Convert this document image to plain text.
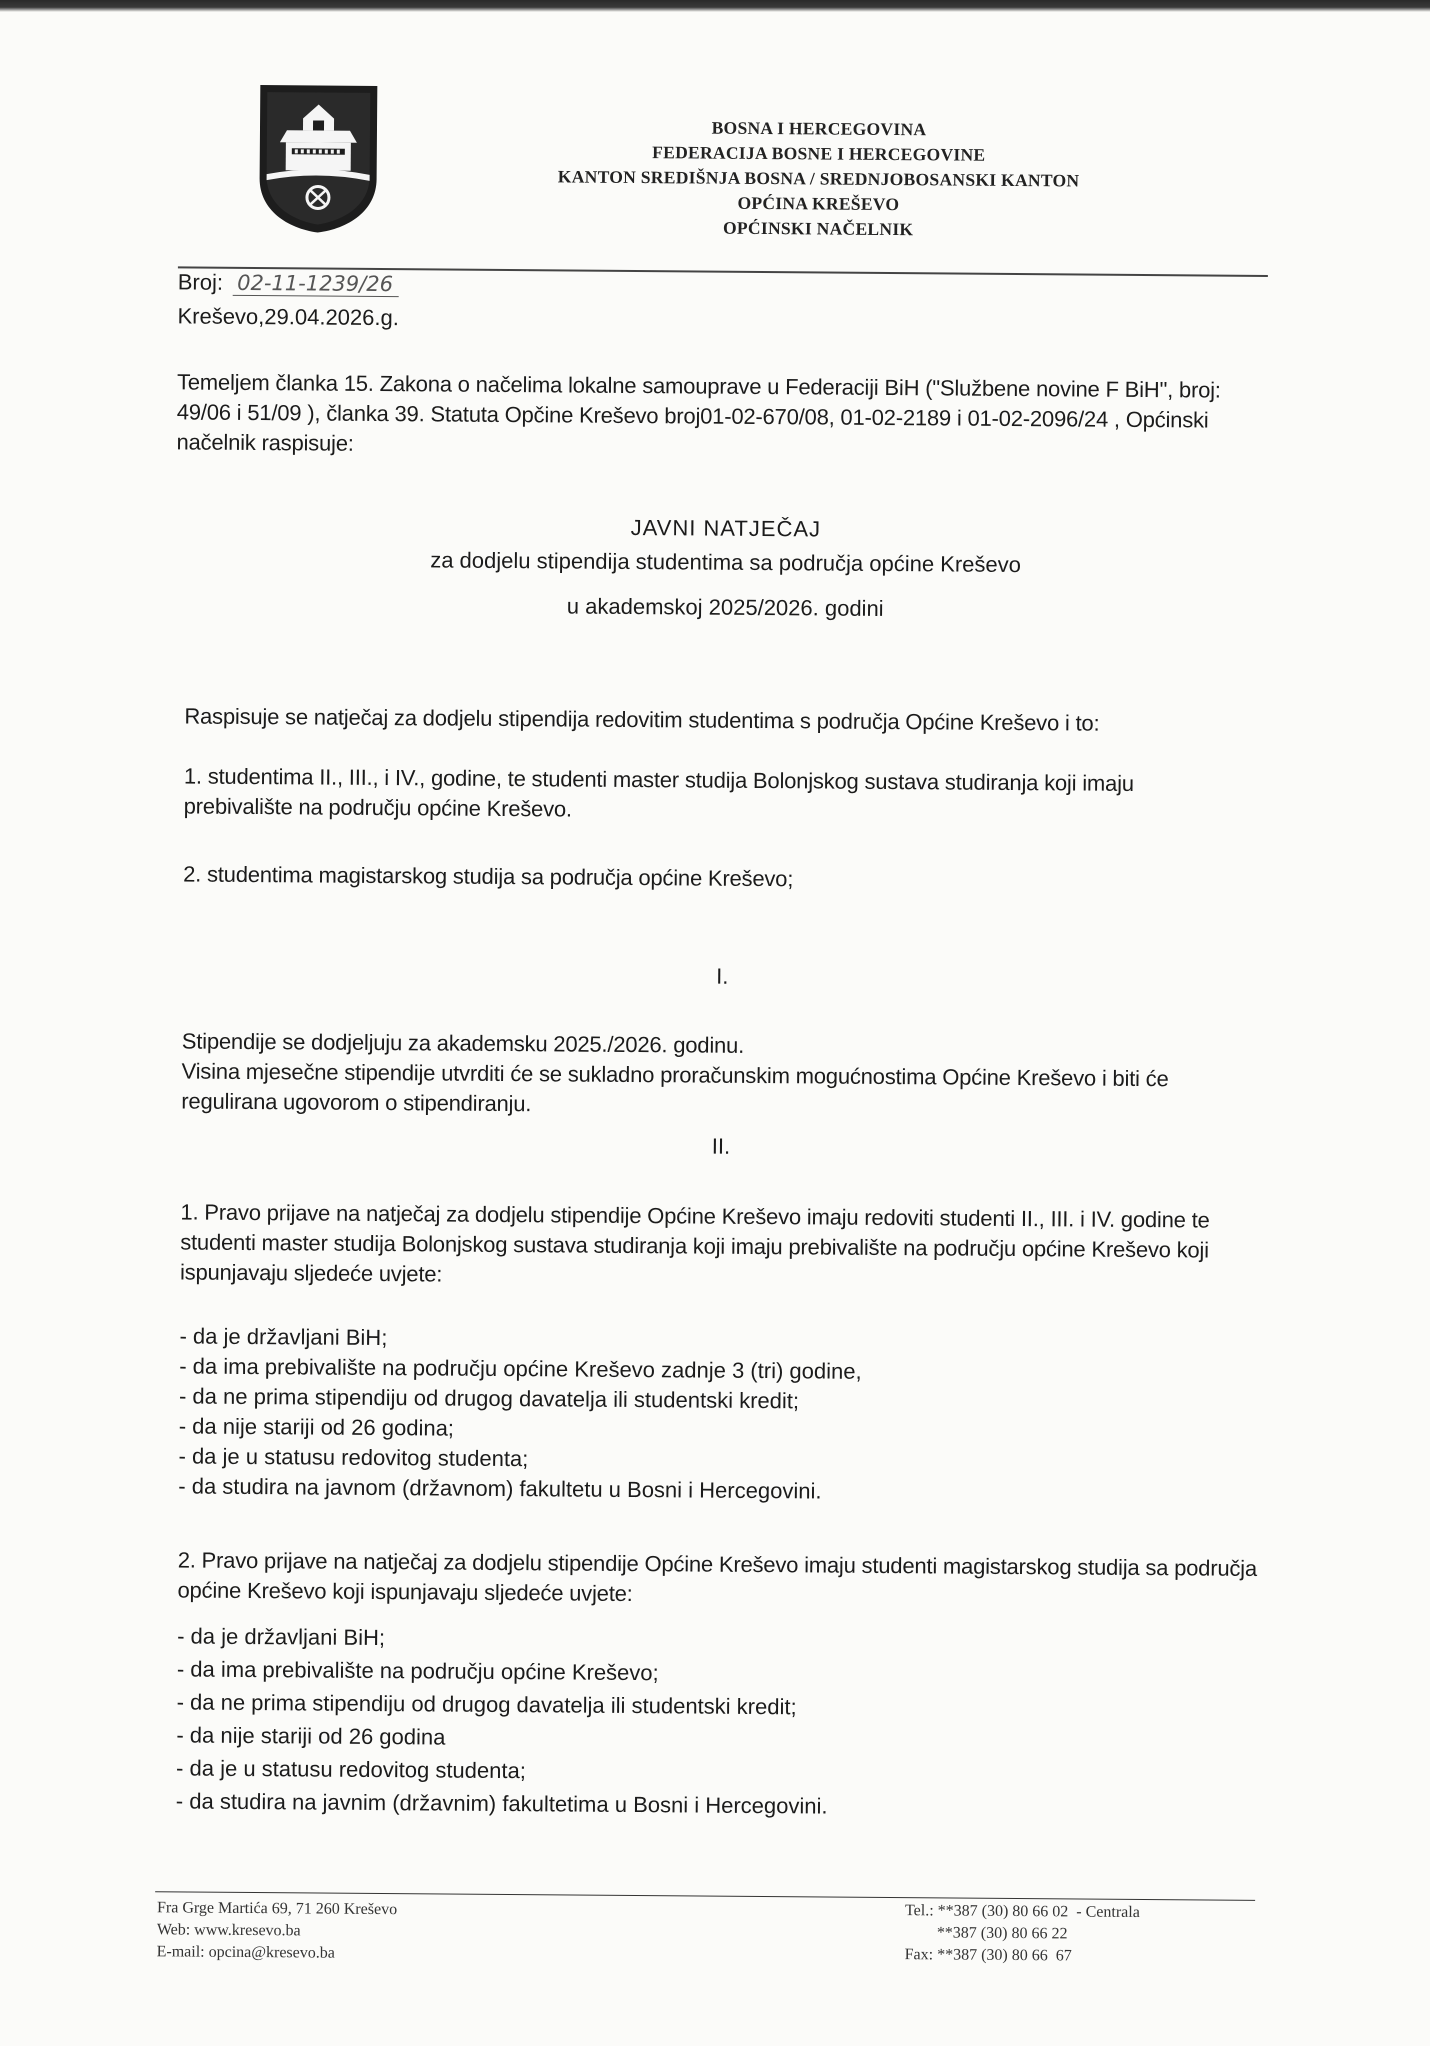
BOSNA I HERCEGOVINA
FEDERACIJA BOSNE I HERCEGOVINE
KANTON SREDIŠNJA BOSNA / SREDNJOBOSANSKI KANTON
OPĆINA KREŠEVO
OPĆINSKI NAČELNIK
Broj: 02-11-1239/26
Kreševo,29.04.2026.g.
Temeljem članka 15. Zakona o načelima lokalne samouprave u Federaciji BiH ("Službene novine F BiH", broj: 49/06 i 51/09 ), članka 39. Statuta Opčine Kreševo broj01-02-670/08, 01-02-2189 i 01-02-2096/24 , Općinski načelnik raspisuje:
JAVNI NATJEČAJ
za dodjelu stipendija studentima sa područja općine Kreševo
u akademskoj 2025/2026. godini
Raspisuje se natječaj za dodjelu stipendija redovitim studentima s područja Općine Kreševo i to:
1. studentima II., III., i IV., godine, te studenti master studija Bolonjskog sustava studiranja koji imaju prebivalište na području općine Kreševo.
2. studentima magistarskog studija sa područja općine Kreševo;
I.
Stipendije se dodjeljuju za akademsku 2025./2026. godinu.
Visina mjesečne stipendije utvrditi će se sukladno proračunskim mogućnostima Općine Kreševo i biti će regulirana ugovorom o stipendiranju.
II.
1. Pravo prijave na natječaj za dodjelu stipendije Općine Kreševo imaju redoviti studenti II., III. i IV. godine te studenti master studija Bolonjskog sustava studiranja koji imaju prebivalište na području općine Kreševo koji ispunjavaju sljedeće uvjete:
- da je državljani BiH;
- da ima prebivalište na području općine Kreševo zadnje 3 (tri) godine,
- da ne prima stipendiju od drugog davatelja ili studentski kredit;
- da nije stariji od 26 godina;
- da je u statusu redovitog studenta;
- da studira na javnom (državnom) fakultetu u Bosni i Hercegovini.
2. Pravo prijave na natječaj za dodjelu stipendije Općine Kreševo imaju studenti magistarskog studija sa područja općine Kreševo koji ispunjavaju sljedeće uvjete:
- da je državljani BiH;
- da ima prebivalište na području općine Kreševo;
- da ne prima stipendiju od drugog davatelja ili studentski kredit;
- da nije stariji od 26 godina
- da je u statusu redovitog studenta;
- da studira na javnim (državnim) fakultetima u Bosni i Hercegovini.
Fra Grge Martića 69, 71 260 Kreševo
Web: www.kresevo.ba
E-mail: opcina@kresevo.ba
Tel.: **387 (30) 80 66 02  - Centrala
**387 (30) 80 66 22
Fax: **387 (30) 80 66  67
